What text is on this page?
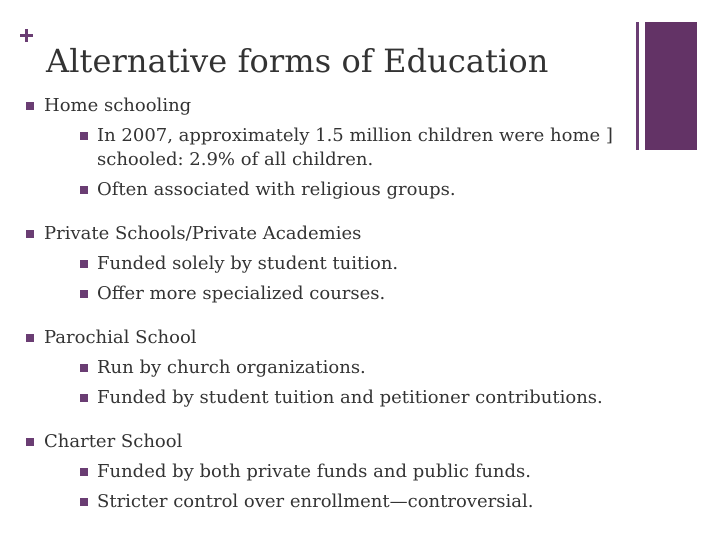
Alternative forms of Education
Home schooling
In 2007, approximately 1.5 million children were home ]
schooled: 2.9% of all children.
Often associated with religious groups.
Private Schools/Private Academies
Funded solely by student tuition.
Offer more specialized courses.
Parochial School
Run by church organizations.
Funded by student tuition and petitioner contributions.
Charter School
Funded by both private funds and public funds.
Stricter control over enrollment—controversial.
